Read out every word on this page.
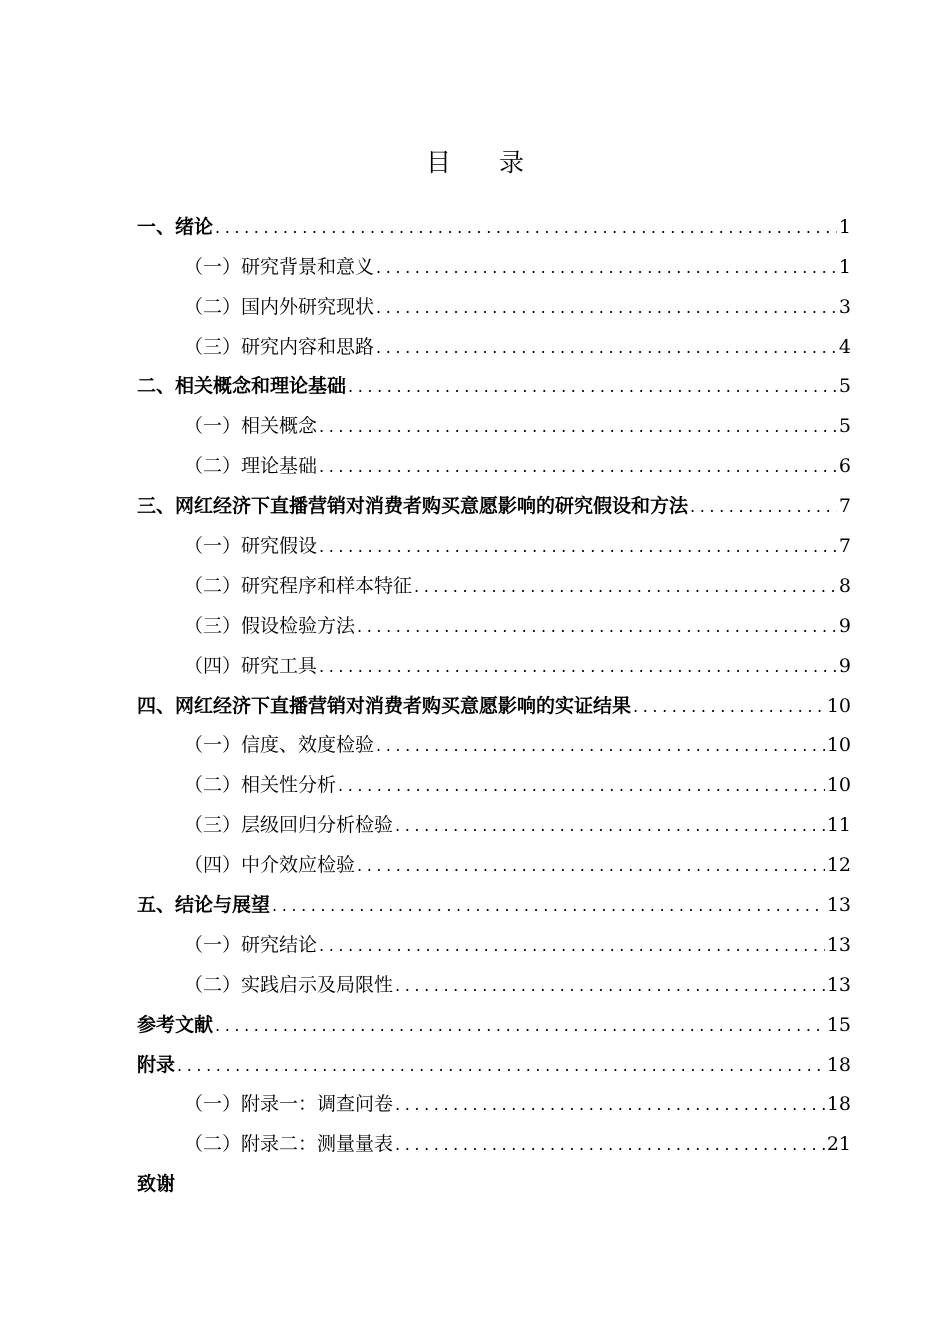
目 录
一、绪论 .....	1
（一）研究背景和意义 .....	1
（二）国内外研究现状 .....	3
（三）研究内容和思路 .....	4
二、相关概念和理论基础 .....	5
（一）相关概念 .....	5
（二）理论基础 .....	6
三、网红经济下直播营销对消费者购买意愿影响的研究假设和方法 .....	7
（一）研究假设 .....	7
（二）研究程序和样本特征 .....	8
（三）假设检验方法 .....	9
（四）研究工具 .....	9
四、网红经济下直播营销对消费者购买意愿影响的实证结果 .....	10
（一）信度、效度检验 .....	10
（二）相关性分析 .....	10
（三）层级回归分析检验 .....	11
（四）中介效应检验 .....	12
五、结论与展望 .....	13
（一）研究结论 .....	13
（二）实践启示及局限性 .....	13
参考文献 .....	15
附录 .....	18
（一）附录一：调查问卷 .....	18
（二）附录二：测量量表 .....	21
致谢
